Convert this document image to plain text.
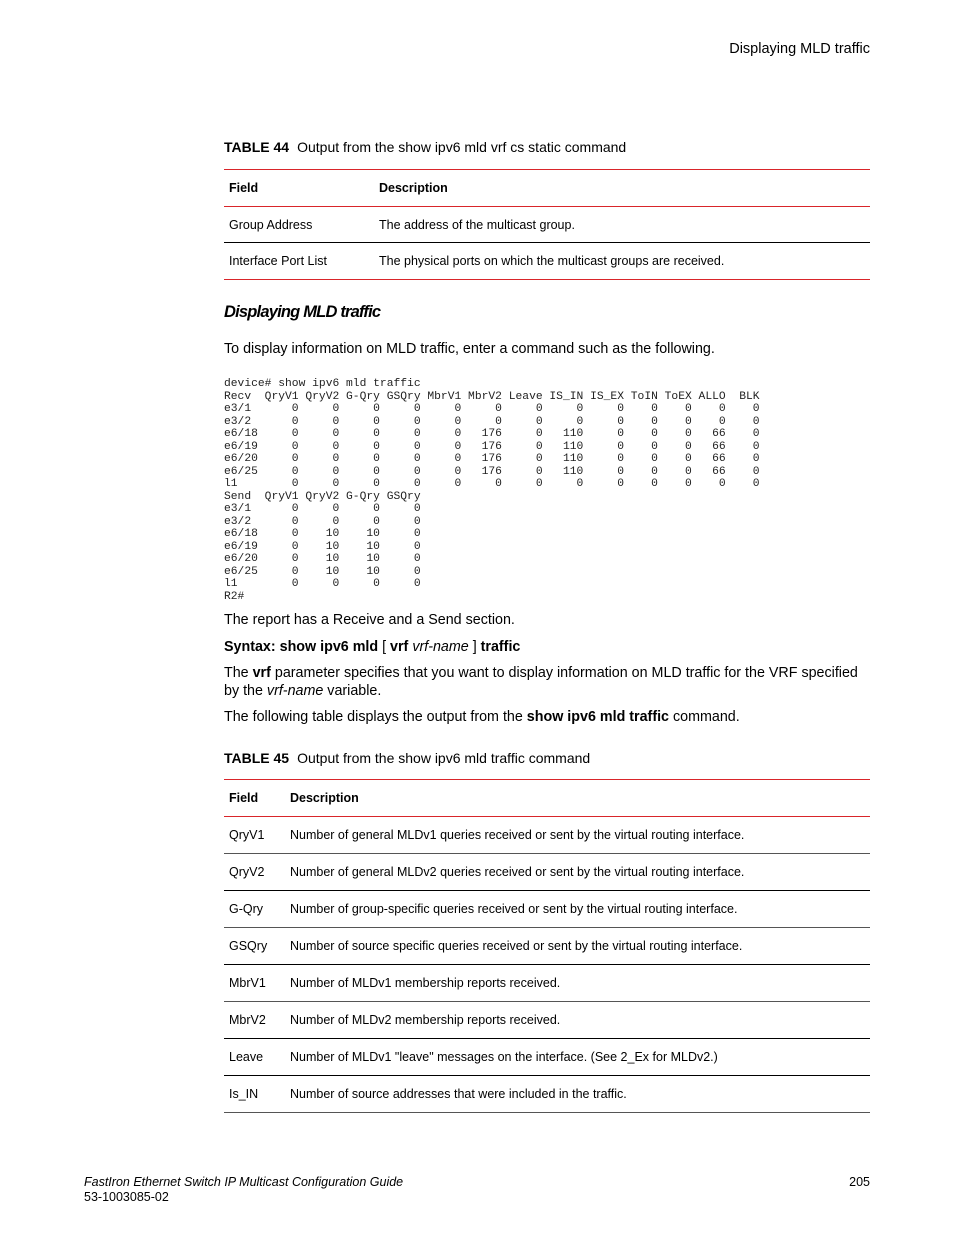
Displaying MLD traffic
TABLE 44 Output from the show ipv6 mld vrf cs static command
Field	Description
Group Address	The address of the multicast group.
Interface Port List	The physical ports on which the multicast groups are received.
Displaying MLD traffic

To display information on MLD traffic, enter a command such as the following.

device# show ipv6 mld traffic
Recv  QryV1 QryV2 G-Qry GSQry MbrV1 MbrV2 Leave IS_IN IS_EX ToIN ToEX ALLO  BLK
e3/1      0     0     0     0     0     0     0     0     0    0    0    0    0
e3/2      0     0     0     0     0     0     0     0     0    0    0    0    0
e6/18     0     0     0     0     0   176     0   110     0    0    0   66    0
e6/19     0     0     0     0     0   176     0   110     0    0    0   66    0
e6/20     0     0     0     0     0   176     0   110     0    0    0   66    0
e6/25     0     0     0     0     0   176     0   110     0    0    0   66    0
l1        0     0     0     0     0     0     0     0     0    0    0    0    0
Send  QryV1 QryV2 G-Qry GSQry
e3/1      0     0     0     0
e3/2      0     0     0     0
e6/18     0    10    10     0
e6/19     0    10    10     0
e6/20     0    10    10     0
e6/25     0    10    10     0
l1        0     0     0     0
R2#

The report has a Receive and a Send section.

Syntax: show ipv6 mld [ vrf vrf-name ] traffic

The vrf parameter specifies that you want to display information on MLD traffic for the VRF specified by the vrf-name variable.

The following table displays the output from the show ipv6 mld traffic command.

TABLE 45 Output from the show ipv6 mld traffic command
Field	Description
QryV1	Number of general MLDv1 queries received or sent by the virtual routing interface.
QryV2	Number of general MLDv2 queries received or sent by the virtual routing interface.
G-Qry	Number of group-specific queries received or sent by the virtual routing interface.
GSQry	Number of source specific queries received or sent by the virtual routing interface.
MbrV1	Number of MLDv1 membership reports received.
MbrV2	Number of MLDv2 membership reports received.
Leave	Number of MLDv1 "leave" messages on the interface. (See 2_Ex for MLDv2.)
Is_IN	Number of source addresses that were included in the traffic.
FastIron Ethernet Switch IP Multicast Configuration Guide
53-1003085-02
205
